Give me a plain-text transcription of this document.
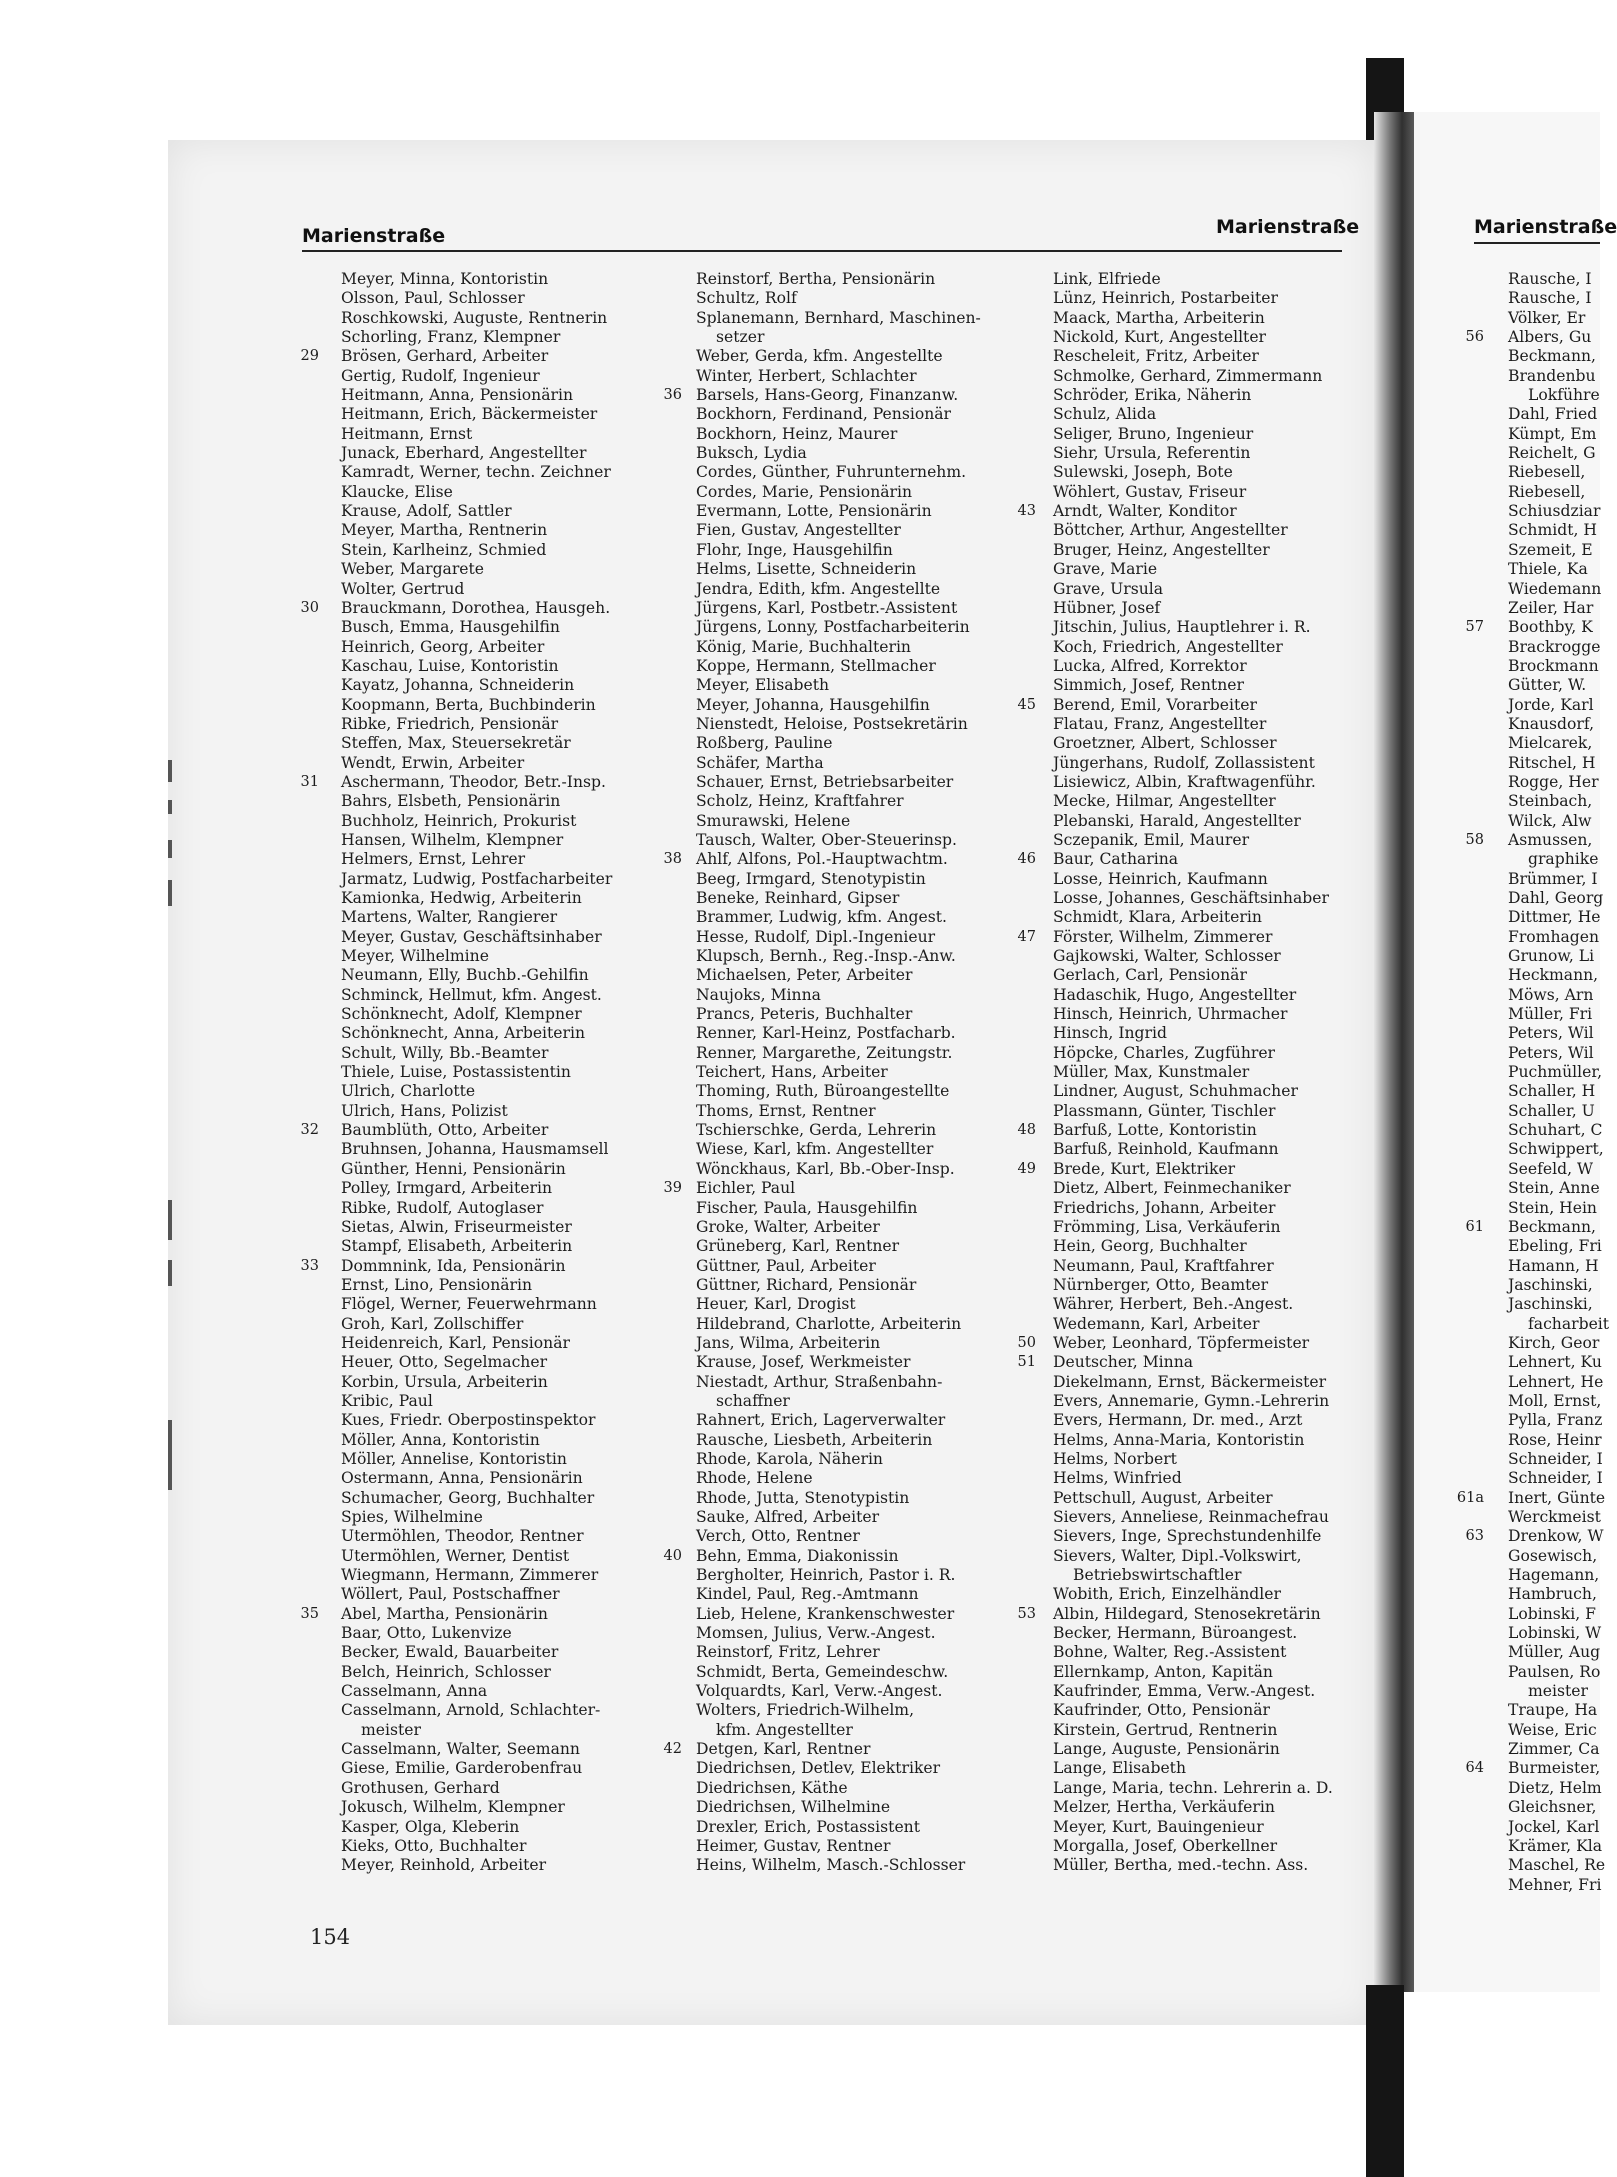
Marienstraße	Marienstraße	Marienstraße
Meyer, Minna, Kontoristin
Olsson, Paul, Schlosser
Roschkowski, Auguste, Rentnerin
Schorling, Franz, Klempner
29 Brösen, Gerhard, Arbeiter
Gertig, Rudolf, Ingenieur
Heitmann, Anna, Pensionärin
Heitmann, Erich, Bäckermeister
Heitmann, Ernst
Junack, Eberhard, Angestellter
Kamradt, Werner, techn. Zeichner
Klaucke, Elise
Krause, Adolf, Sattler
Meyer, Martha, Rentnerin
Stein, Karlheinz, Schmied
Weber, Margarete
Wolter, Gertrud
30 Brauckmann, Dorothea, Hausgeh.
Busch, Emma, Hausgehilfin
Heinrich, Georg, Arbeiter
Kaschau, Luise, Kontoristin
Kayatz, Johanna, Schneiderin
Koopmann, Berta, Buchbinderin
Ribke, Friedrich, Pensionär
Steffen, Max, Steuersekretär
Wendt, Erwin, Arbeiter
31 Aschermann, Theodor, Betr.-Insp.
Bahrs, Elsbeth, Pensionärin
Buchholz, Heinrich, Prokurist
Hansen, Wilhelm, Klempner
Helmers, Ernst, Lehrer
Jarmatz, Ludwig, Postfacharbeiter
Kamionka, Hedwig, Arbeiterin
Martens, Walter, Rangierer
Meyer, Gustav, Geschäftsinhaber
Meyer, Wilhelmine
Neumann, Elly, Buchb.-Gehilfin
Schminck, Hellmut, kfm. Angest.
Schönknecht, Adolf, Klempner
Schönknecht, Anna, Arbeiterin
Schult, Willy, Bb.-Beamter
Thiele, Luise, Postassistentin
Ulrich, Charlotte
Ulrich, Hans, Polizist
32 Baumblüth, Otto, Arbeiter
Bruhnsen, Johanna, Hausmamsell
Günther, Henni, Pensionärin
Polley, Irmgard, Arbeiterin
Ribke, Rudolf, Autoglaser
Sietas, Alwin, Friseurmeister
Stampf, Elisabeth, Arbeiterin
33 Dommnink, Ida, Pensionärin
Ernst, Lino, Pensionärin
Flögel, Werner, Feuerwehrmann
Groh, Karl, Zollschiffer
Heidenreich, Karl, Pensionär
Heuer, Otto, Segelmacher
Korbin, Ursula, Arbeiterin
Kribic, Paul
Kues, Friedr. Oberpostinspektor
Möller, Anna, Kontoristin
Möller, Annelise, Kontoristin
Ostermann, Anna, Pensionärin
Schumacher, Georg, Buchhalter
Spies, Wilhelmine
Utermöhlen, Theodor, Rentner
Utermöhlen, Werner, Dentist
Wiegmann, Hermann, Zimmerer
Wöllert, Paul, Postschaffner
35 Abel, Martha, Pensionärin
Baar, Otto, Lukenvize
Becker, Ewald, Bauarbeiter
Belch, Heinrich, Schlosser
Casselmann, Anna
Casselmann, Arnold, Schlachter-
meister
Casselmann, Walter, Seemann
Giese, Emilie, Garderobenfrau
Grothusen, Gerhard
Jokusch, Wilhelm, Klempner
Kasper, Olga, Kleberin
Kieks, Otto, Buchhalter
Meyer, Reinhold, Arbeiter
Reinstorf, Bertha, Pensionärin
Schultz, Rolf
Splanemann, Bernhard, Maschinen-
setzer
Weber, Gerda, kfm. Angestellte
Winter, Herbert, Schlachter
36 Barsels, Hans-Georg, Finanzanw.
Bockhorn, Ferdinand, Pensionär
Bockhorn, Heinz, Maurer
Buksch, Lydia
Cordes, Günther, Fuhrunternehm.
Cordes, Marie, Pensionärin
Evermann, Lotte, Pensionärin
Fien, Gustav, Angestellter
Flohr, Inge, Hausgehilfin
Helms, Lisette, Schneiderin
Jendra, Edith, kfm. Angestellte
Jürgens, Karl, Postbetr.-Assistent
Jürgens, Lonny, Postfacharbeiterin
König, Marie, Buchhalterin
Koppe, Hermann, Stellmacher
Meyer, Elisabeth
Meyer, Johanna, Hausgehilfin
Nienstedt, Heloise, Postsekretärin
Roßberg, Pauline
Schäfer, Martha
Schauer, Ernst, Betriebsarbeiter
Scholz, Heinz, Kraftfahrer
Smurawski, Helene
Tausch, Walter, Ober-Steuerinsp.
38 Ahlf, Alfons, Pol.-Hauptwachtm.
Beeg, Irmgard, Stenotypistin
Beneke, Reinhard, Gipser
Brammer, Ludwig, kfm. Angest.
Hesse, Rudolf, Dipl.-Ingenieur
Klupsch, Bernh., Reg.-Insp.-Anw.
Michaelsen, Peter, Arbeiter
Naujoks, Minna
Prancs, Peteris, Buchhalter
Renner, Karl-Heinz, Postfacharb.
Renner, Margarethe, Zeitungstr.
Teichert, Hans, Arbeiter
Thoming, Ruth, Büroangestellte
Thoms, Ernst, Rentner
Tschierschke, Gerda, Lehrerin
Wiese, Karl, kfm. Angestellter
Wönckhaus, Karl, Bb.-Ober-Insp.
39 Eichler, Paul
Fischer, Paula, Hausgehilfin
Groke, Walter, Arbeiter
Grüneberg, Karl, Rentner
Güttner, Paul, Arbeiter
Güttner, Richard, Pensionär
Heuer, Karl, Drogist
Hildebrand, Charlotte, Arbeiterin
Jans, Wilma, Arbeiterin
Krause, Josef, Werkmeister
Niestadt, Arthur, Straßenbahn-
schaffner
Rahnert, Erich, Lagerverwalter
Rausche, Liesbeth, Arbeiterin
Rhode, Karola, Näherin
Rhode, Helene
Rhode, Jutta, Stenotypistin
Sauke, Alfred, Arbeiter
Verch, Otto, Rentner
40 Behn, Emma, Diakonissin
Bergholter, Heinrich, Pastor i. R.
Kindel, Paul, Reg.-Amtmann
Lieb, Helene, Krankenschwester
Momsen, Julius, Verw.-Angest.
Reinstorf, Fritz, Lehrer
Schmidt, Berta, Gemeindeschw.
Volquardts, Karl, Verw.-Angest.
Wolters, Friedrich-Wilhelm,
kfm. Angestellter
42 Detgen, Karl, Rentner
Diedrichsen, Detlev, Elektriker
Diedrichsen, Käthe
Diedrichsen, Wilhelmine
Drexler, Erich, Postassistent
Heimer, Gustav, Rentner
Heins, Wilhelm, Masch.-Schlosser
Link, Elfriede
Lünz, Heinrich, Postarbeiter
Maack, Martha, Arbeiterin
Nickold, Kurt, Angestellter
Rescheleit, Fritz, Arbeiter
Schmolke, Gerhard, Zimmermann
Schröder, Erika, Näherin
Schulz, Alida
Seliger, Bruno, Ingenieur
Siehr, Ursula, Referentin
Sulewski, Joseph, Bote
Wöhlert, Gustav, Friseur
43 Arndt, Walter, Konditor
Böttcher, Arthur, Angestellter
Bruger, Heinz, Angestellter
Grave, Marie
Grave, Ursula
Hübner, Josef
Jitschin, Julius, Hauptlehrer i. R.
Koch, Friedrich, Angestellter
Lucka, Alfred, Korrektor
Simmich, Josef, Rentner
45 Berend, Emil, Vorarbeiter
Flatau, Franz, Angestellter
Groetzner, Albert, Schlosser
Jüngerhans, Rudolf, Zollassistent
Lisiewicz, Albin, Kraftwagenführ.
Mecke, Hilmar, Angestellter
Plebanski, Harald, Angestellter
Sczepanik, Emil, Maurer
46 Baur, Catharina
Losse, Heinrich, Kaufmann
Losse, Johannes, Geschäftsinhaber
Schmidt, Klara, Arbeiterin
47 Förster, Wilhelm, Zimmerer
Gajkowski, Walter, Schlosser
Gerlach, Carl, Pensionär
Hadaschik, Hugo, Angestellter
Hinsch, Heinrich, Uhrmacher
Hinsch, Ingrid
Höpcke, Charles, Zugführer
Müller, Max, Kunstmaler
Lindner, August, Schuhmacher
Plassmann, Günter, Tischler
48 Barfuß, Lotte, Kontoristin
Barfuß, Reinhold, Kaufmann
49 Brede, Kurt, Elektriker
Dietz, Albert, Feinmechaniker
Friedrichs, Johann, Arbeiter
Frömming, Lisa, Verkäuferin
Hein, Georg, Buchhalter
Neumann, Paul, Kraftfahrer
Nürnberger, Otto, Beamter
Währer, Herbert, Beh.-Angest.
Wedemann, Karl, Arbeiter
50 Weber, Leonhard, Töpfermeister
51 Deutscher, Minna
Diekelmann, Ernst, Bäckermeister
Evers, Annemarie, Gymn.-Lehrerin
Evers, Hermann, Dr. med., Arzt
Helms, Anna-Maria, Kontoristin
Helms, Norbert
Helms, Winfried
Pettschull, August, Arbeiter
Sievers, Anneliese, Reinmachefrau
Sievers, Inge, Sprechstundenhilfe
Sievers, Walter, Dipl.-Volkswirt,
Betriebswirtschaftler
Wobith, Erich, Einzelhändler
53 Albin, Hildegard, Stenosekretärin
Becker, Hermann, Büroangest.
Bohne, Walter, Reg.-Assistent
Ellernkamp, Anton, Kapitän
Kaufrinder, Emma, Verw.-Angest.
Kaufrinder, Otto, Pensionär
Kirstein, Gertrud, Rentnerin
Lange, Auguste, Pensionärin
Lange, Elisabeth
Lange, Maria, techn. Lehrerin a. D.
Melzer, Hertha, Verkäuferin
Meyer, Kurt, Bauingenieur
Morgalla, Josef, Oberkellner
Müller, Bertha, med.-techn. Ass.
Rausche, I
Rausche, I
Völker, Er
56 Albers, Gu
Beckmann,
Brandenbu
Lokführe
Dahl, Fried
Kümpt, Em
Reichelt, G
Riebesell,
Riebesell,
Schiusdziar
Schmidt, H
Szemeit, E
Thiele, Ka
Wiedemann
Zeiler, Har
57 Boothby, K
Brackrogge
Brockmann
Gütter, W.
Jorde, Karl
Knausdorf,
Mielcarek,
Ritschel, H
Rogge, Her
Steinbach,
Wilck, Alw
58 Asmussen,
graphike
Brümmer, I
Dahl, Georg
Dittmer, He
Fromhagen
Grunow, Li
Heckmann,
Möws, Arn
Müller, Fri
Peters, Wil
Peters, Wil
Puchmüller,
Schaller, H
Schaller, U
Schuhart, C
Schwippert,
Seefeld, W
Stein, Anne
Stein, Hein
61 Beckmann,
Ebeling, Fri
Hamann, H
Jaschinski,
Jaschinski,
facharbeit
Kirch, Geor
Lehnert, Ku
Lehnert, He
Moll, Ernst,
Pylla, Franz
Rose, Heinr
Schneider, I
Schneider, I
61a Inert, Günte
Werckmeist
63 Drenkow, W
Gosewisch,
Hagemann,
Hambruch,
Lobinski, F
Lobinski, W
Müller, Aug
Paulsen, Ro
meister
Traupe, Ha
Weise, Eric
Zimmer, Ca
64 Burmeister,
Dietz, Helm
Gleichsner,
Jockel, Karl
Krämer, Kla
Maschel, Re
Mehner, Fri
154
